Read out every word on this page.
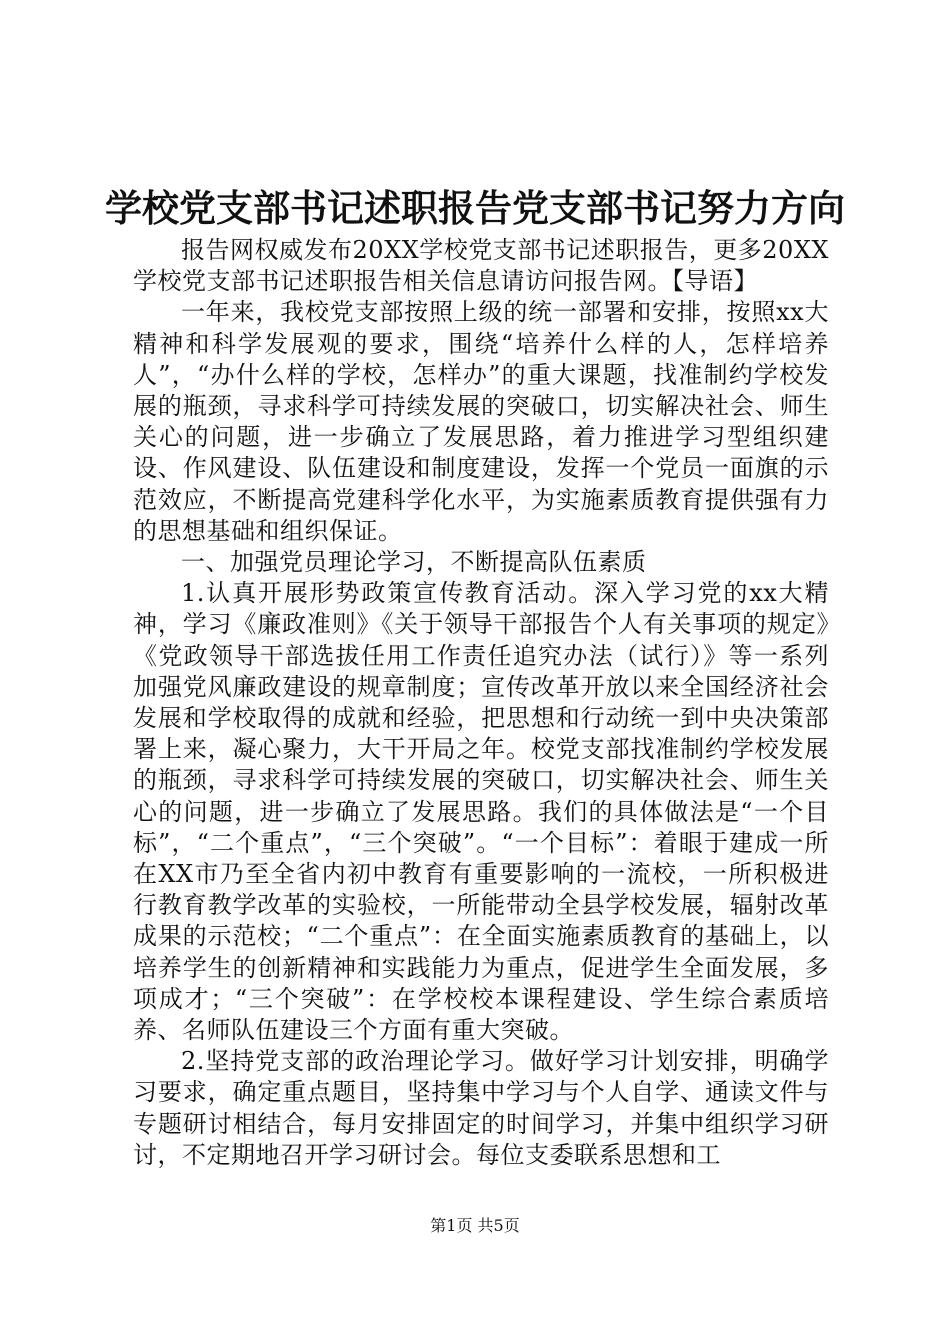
学校党支部书记述职报告党支部书记努力方向

报告网权威发布20XX学校党支部书记述职报告，更多20XX学校党支部书记述职报告相关信息请访问报告网。【导语】

一年来，我校党支部按照上级的统一部署和安排，按照xx大精神和科学发展观的要求，围绕“培养什么样的人，怎样培养人”，“办什么样的学校，怎样办”的重大课题，找准制约学校发展的瓶颈，寻求科学可持续发展的突破口，切实解决社会、师生关心的问题，进一步确立了发展思路，着力推进学习型组织建设、作风建设、队伍建设和制度建设，发挥一个党员一面旗的示范效应，不断提高党建科学化水平，为实施素质教育提供强有力的思想基础和组织保证。

一、加强党员理论学习，不断提高队伍素质

1.认真开展形势政策宣传教育活动。深入学习党的xx大精神，学习《廉政准则》《关于领导干部报告个人有关事项的规定》《党政领导干部选拔任用工作责任追究办法（试行）》等一系列加强党风廉政建设的规章制度；宣传改革开放以来全国经济社会发展和学校取得的成就和经验，把思想和行动统一到中央决策部署上来，凝心聚力，大干开局之年。校党支部找准制约学校发展的瓶颈，寻求科学可持续发展的突破口，切实解决社会、师生关心的问题，进一步确立了发展思路。我们的具体做法是“一个目标”，“二个重点”，“三个突破”。“一个目标”：着眼于建成一所在XX市乃至全省内初中教育有重要影响的一流校，一所积极进行教育教学改革的实验校，一所能带动全县学校发展，辐射改革成果的示范校；“二个重点”：在全面实施素质教育的基础上，以培养学生的创新精神和实践能力为重点，促进学生全面发展，多项成才；“三个突破”：在学校校本课程建设、学生综合素质培养、名师队伍建设三个方面有重大突破。

2.坚持党支部的政治理论学习。做好学习计划安排，明确学习要求，确定重点题目，坚持集中学习与个人自学、通读文件与专题研讨相结合，每月安排固定的时间学习，并集中组织学习研讨，不定期地召开学习研讨会。每位支委联系思想和工

第1页 共5页
